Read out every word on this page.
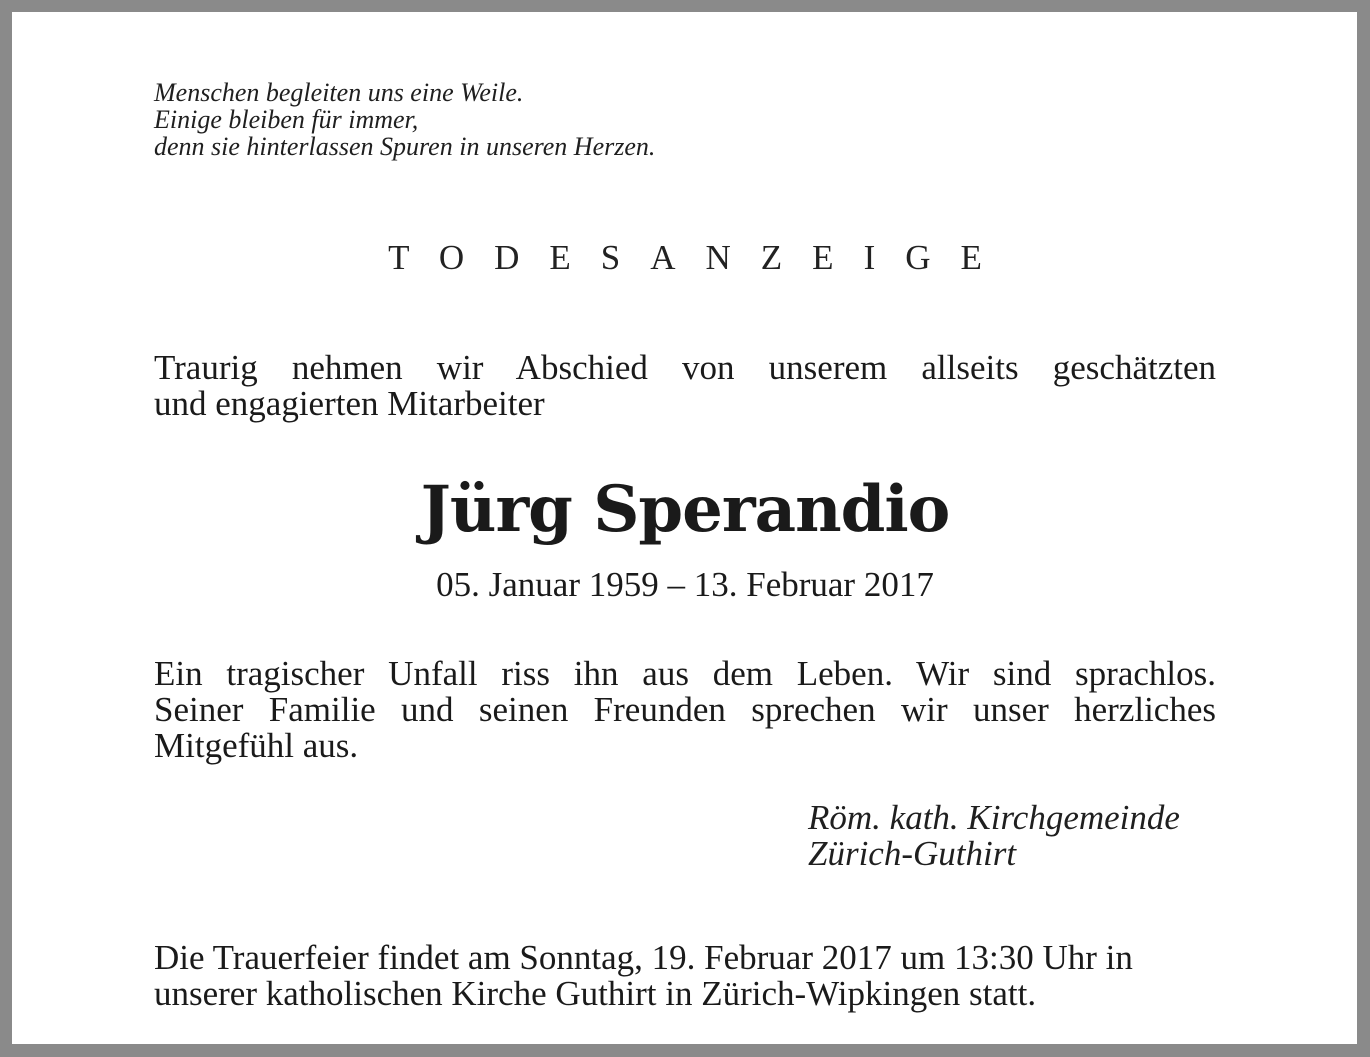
Menschen begleiten uns eine Weile.
Einige bleiben für immer,
denn sie hinterlassen Spuren in unseren Herzen.
TODESANZEIGE
Traurig nehmen wir Abschied von unserem allseits geschätzten
und engagierten Mitarbeiter
Jürg Sperandio
05. Januar 1959 – 13. Februar 2017
Ein tragischer Unfall riss ihn aus dem Leben. Wir sind sprachlos.
Seiner Familie und seinen Freunden sprechen wir unser herzliches
Mitgefühl aus.
Röm. kath. Kirchgemeinde
Zürich-Guthirt
Die Trauerfeier findet am Sonntag, 19. Februar 2017 um 13:30 Uhr in
unserer katholischen Kirche Guthirt in Zürich-Wipkingen statt.
